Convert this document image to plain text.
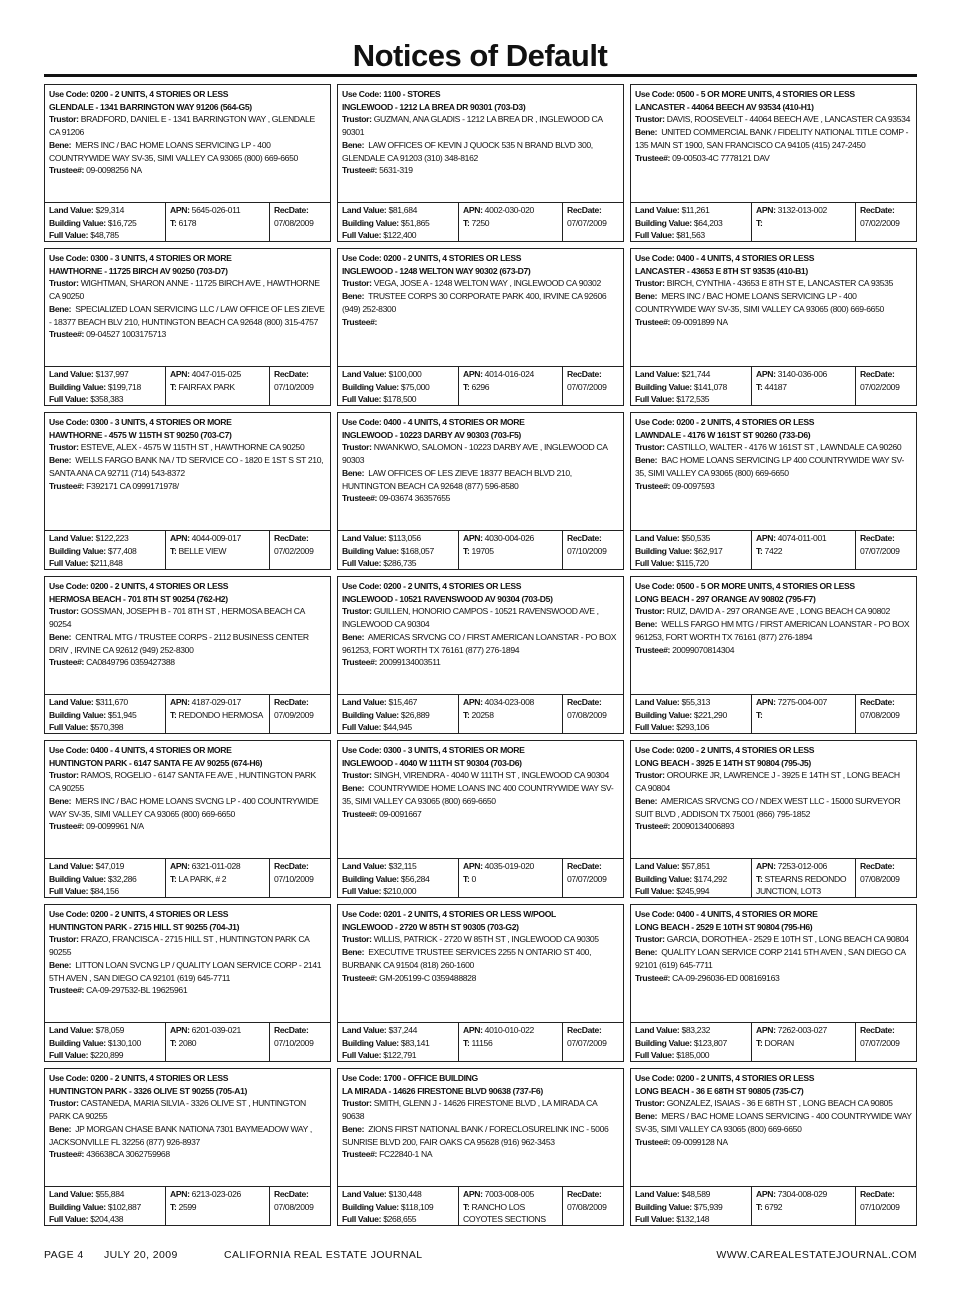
Notices of Default
Use Code: 0200 - 2 UNITS, 4 STORIES OR LESS
GLENDALE - 1341 BARRINGTON WAY 91206 (564-G5)
Trustor: BRADFORD, DANIEL E - 1341 BARRINGTON WAY , GLENDALE CA 91206
Bene: MERS INC / BAC HOME LOANS SERVICING LP - 400 COUNTRYWIDE WAY SV-35, SIMI VALLEY CA 93065 (800) 669-6650
Trustee#: 09-0098256 NA
Land Value: $29,314
Building Value: $16,725
Full Value: $48,785
APN: 5645-026-011
T: 6178
RecDate:
07/08/2009
Use Code: 1100 - STORES
INGLEWOOD - 1212 LA BREA DR 90301 (703-D3)
Trustor: GUZMAN, ANA GLADIS - 1212 LA BREA DR , INGLEWOOD CA 90301
Bene: LAW OFFICES OF KEVIN J QUOCK 535 N BRAND BLVD 300, GLENDALE CA 91203 (310) 348-8162
Trustee#: 5631-319
Land Value: $81,684
Building Value: $51,865
Full Value: $122,400
APN: 4002-030-020
T: 7250
RecDate:
07/07/2009
Use Code: 0500 - 5 OR MORE UNITS, 4 STORIES OR LESS
LANCASTER - 44064 BEECH AV 93534 (410-H1)
Trustor: DAVIS, ROOSEVELT - 44064 BEECH AVE , LANCASTER CA 93534
Bene: UNITED COMMERCIAL BANK / FIDELITY NATIONAL TITLE COMP - 135 MAIN ST 1900, SAN FRANCISCO CA 94105 (415) 247-2450
Trustee#: 09-00503-4C 7778121 DAV
Land Value: $11,261
Building Value: $64,203
Full Value: $81,563
APN: 3132-013-002
T:
RecDate:
07/02/2009
Use Code: 0300 - 3 UNITS, 4 STORIES OR MORE
HAWTHORNE - 11725 BIRCH AV 90250 (703-D7)
Trustor: WIGHTMAN, SHARON ANNE - 11725 BIRCH AVE , HAWTHORNE CA 90250
Bene: SPECIALIZED LOAN SERVICING LLC / LAW OFFICE OF LES ZIEVE - 18377 BEACH BLV 210, HUNTINGTON BEACH CA 92648 (800) 315-4757
Trustee#: 09-04527 1003175713
Land Value: $137,997
Building Value: $199,718
Full Value: $358,383
APN: 4047-015-025
T: FAIRFAX PARK
RecDate:
07/10/2009
Use Code: 0200 - 2 UNITS, 4 STORIES OR LESS
INGLEWOOD - 1248 WELTON WAY 90302 (673-D7)
Trustor: VEGA, JOSE A - 1248 WELTON WAY , INGLEWOOD CA 90302
Bene: TRUSTEE CORPS 30 CORPORATE PARK 400, IRVINE CA 92606 (949) 252-8300
Trustee#:
Land Value: $100,000
Building Value: $75,000
Full Value: $178,500
APN: 4014-016-024
T: 6296
RecDate:
07/07/2009
Use Code: 0400 - 4 UNITS, 4 STORIES OR LESS
LANCASTER - 43653 E 8TH ST 93535 (410-B1)
Trustor: BIRCH, CYNTHIA - 43653 E 8TH ST E, LANCASTER CA 93535
Bene: MERS INC / BAC HOME LOANS SERVICING LP - 400 COUNTRYWIDE WAY SV-35, SIMI VALLEY CA 93065 (800) 669-6650
Trustee#: 09-0091899 NA
Land Value: $21,744
Building Value: $141,078
Full Value: $172,535
APN: 3140-036-006
T: 44187
RecDate:
07/02/2009
Use Code: 0300 - 3 UNITS, 4 STORIES OR MORE
HAWTHORNE - 4575 W 115TH ST 90250 (703-C7)
Trustor: ESTEVE, ALEX - 4575 W 115TH ST , HAWTHORNE CA 90250
Bene: WELLS FARGO BANK NA / TD SERVICE CO - 1820 E 1ST S ST 210, SANTA ANA CA 92711 (714) 543-8372
Trustee#: F392171 CA 0999171978/
Land Value: $122,223
Building Value: $77,408
Full Value: $211,848
APN: 4044-009-017
T: BELLE VIEW
RecDate:
07/02/2009
Use Code: 0400 - 4 UNITS, 4 STORIES OR MORE
INGLEWOOD - 10223 DARBY AV 90303 (703-F5)
Trustor: NWANKWO, SALOMON - 10223 DARBY AVE , INGLEWOOD CA 90303
Bene: LAW OFFICES OF LES ZIEVE 18377 BEACH BLVD 210, HUNTINGTON BEACH CA 92648 (877) 596-8580
Trustee#: 09-03674 36357655
Land Value: $113,056
Building Value: $168,057
Full Value: $286,735
APN: 4030-004-026
T: 19705
RecDate:
07/10/2009
Use Code: 0200 - 2 UNITS, 4 STORIES OR LESS
LAWNDALE - 4176 W 161ST ST 90260 (733-D6)
Trustor: CASTILLO, WALTER - 4176 W 161ST ST , LAWNDALE CA 90260
Bene: BAC HOME LOANS SERVICING LP 400 COUNTRYWIDE WAY SV-35, SIMI VALLEY CA 93065 (800) 669-6650
Trustee#: 09-0097593
Land Value: $50,535
Building Value: $62,917
Full Value: $115,720
APN: 4074-011-001
T: 7422
RecDate:
07/07/2009
Use Code: 0200 - 2 UNITS, 4 STORIES OR LESS
HERMOSA BEACH - 701 8TH ST 90254 (762-H2)
Trustor: GOSSMAN, JOSEPH B - 701 8TH ST , HERMOSA BEACH CA 90254
Bene: CENTRAL MTG / TRUSTEE CORPS - 2112 BUSINESS CENTER DRIV , IRVINE CA 92612 (949) 252-8300
Trustee#: CA0849796 0359427388
Land Value: $311,670
Building Value: $51,945
Full Value: $570,398
APN: 4187-029-017
T: REDONDO HERMOSA
RecDate:
07/09/2009
Use Code: 0200 - 2 UNITS, 4 STORIES OR LESS
INGLEWOOD - 10521 RAVENSWOOD AV 90304 (703-D5)
Trustor: GUILLEN, HONORIO CAMPOS - 10521 RAVENSWOOD AVE , INGLEWOOD CA 90304
Bene: AMERICAS SRVCNG CO / FIRST AMERICAN LOANSTAR - PO BOX 961253, FORT WORTH TX 76161 (877) 276-1894
Trustee#: 20099134003511
Land Value: $15,467
Building Value: $26,889
Full Value: $44,945
APN: 4034-023-008
T: 20258
RecDate:
07/08/2009
Use Code: 0500 - 5 OR MORE UNITS, 4 STORIES OR LESS
LONG BEACH - 297 ORANGE AV 90802 (795-F7)
Trustor: RUIZ, DAVID A - 297 ORANGE AVE , LONG BEACH CA 90802
Bene: WELLS FARGO HM MTG / FIRST AMERICAN LOANSTAR - PO BOX 961253, FORT WORTH TX 76161 (877) 276-1894
Trustee#: 20099070814304
Land Value: $55,313
Building Value: $221,290
Full Value: $293,106
APN: 7275-004-007
T:
RecDate:
07/08/2009
Use Code: 0400 - 4 UNITS, 4 STORIES OR MORE
HUNTINGTON PARK - 6147 SANTA FE AV 90255 (674-H6)
Trustor: RAMOS, ROGELIO - 6147 SANTA FE AVE , HUNTINGTON PARK CA 90255
Bene: MERS INC / BAC HOME LOANS SVCNG LP - 400 COUNTRYWIDE WAY SV-35, SIMI VALLEY CA 93065 (800) 669-6650
Trustee#: 09-0099961 N/A
Land Value: $47,019
Building Value: $32,286
Full Value: $84,156
APN: 6321-011-028
T: LA PARK, # 2
RecDate:
07/10/2009
Use Code: 0300 - 3 UNITS, 4 STORIES OR MORE
INGLEWOOD - 4040 W 111TH ST 90304 (703-D6)
Trustor: SINGH, VIRENDRA - 4040 W 111TH ST , INGLEWOOD CA 90304
Bene: COUNTRYWIDE HOME LOANS INC 400 COUNTRYWIDE WAY SV-35, SIMI VALLEY CA 93065 (800) 669-6650
Trustee#: 09-0091667
Land Value: $32,115
Building Value: $56,284
Full Value: $210,000
APN: 4035-019-020
T: 0
RecDate:
07/07/2009
Use Code: 0200 - 2 UNITS, 4 STORIES OR LESS
LONG BEACH - 3925 E 14TH ST 90804 (795-J5)
Trustor: OROURKE JR, LAWRENCE J - 3925 E 14TH ST , LONG BEACH CA 90804
Bene: AMERICAS SRVCNG CO / NDEX WEST LLC - 15000 SURVEYOR SUIT BLVD , ADDISON TX 75001 (866) 795-1852
Trustee#: 20090134006893
Land Value: $57,851
Building Value: $174,292
Full Value: $245,994
APN: 7253-012-006
T: STEARNS REDONDO JUNCTION, LOT3
RecDate:
07/08/2009
Use Code: 0200 - 2 UNITS, 4 STORIES OR LESS
HUNTINGTON PARK - 2715 HILL ST 90255 (704-J1)
Trustor: FRAZO, FRANCISCA - 2715 HILL ST , HUNTINGTON PARK CA 90255
Bene: LITTON LOAN SVCNG LP / QUALITY LOAN SERVICE CORP - 2141 5TH AVEN , SAN DIEGO CA 92101 (619) 645-7711
Trustee#: CA-09-297532-BL 19625961
Land Value: $78,059
Building Value: $130,100
Full Value: $220,899
APN: 6201-039-021
T: 2080
RecDate:
07/10/2009
Use Code: 0201 - 2 UNITS, 4 STORIES OR LESS W/POOL
INGLEWOOD - 2720 W 85TH ST 90305 (703-G2)
Trustor: WILLIS, PATRICK - 2720 W 85TH ST , INGLEWOOD CA 90305
Bene: EXECUTIVE TRUSTEE SERVICES 2255 N ONTARIO ST 400, BURBANK CA 91504 (818) 260-1600
Trustee#: GM-205199-C 0359488828
Land Value: $37,244
Building Value: $83,141
Full Value: $122,791
APN: 4010-010-022
T: 11156
RecDate:
07/07/2009
Use Code: 0400 - 4 UNITS, 4 STORIES OR MORE
LONG BEACH - 2529 E 10TH ST 90804 (795-H6)
Trustor: GARCIA, DOROTHEA - 2529 E 10TH ST , LONG BEACH CA 90804
Bene: QUALITY LOAN SERVICE CORP 2141 5TH AVEN , SAN DIEGO CA 92101 (619) 645-7711
Trustee#: CA-09-296036-ED 008169163
Land Value: $83,232
Building Value: $123,807
Full Value: $185,000
APN: 7262-003-027
T: DORAN
RecDate:
07/07/2009
Use Code: 0200 - 2 UNITS, 4 STORIES OR LESS
HUNTINGTON PARK - 3326 OLIVE ST 90255 (705-A1)
Trustor: CASTANEDA, MARIA SILVIA - 3326 OLIVE ST , HUNTINGTON PARK CA 90255
Bene: JP MORGAN CHASE BANK NATIONA 7301 BAYMEADOW WAY , JACKSONVILLE FL 32256 (877) 926-8937
Trustee#: 436638CA 3062759968
Land Value: $55,884
Building Value: $102,887
Full Value: $204,438
APN: 6213-023-026
T: 2599
RecDate:
07/08/2009
Use Code: 1700 - OFFICE BUILDING
LA MIRADA - 14626 FIRESTONE BLVD 90638 (737-F6)
Trustor: SMITH, GLENN J - 14626 FIRESTONE BLVD , LA MIRADA CA 90638
Bene: ZIONS FIRST NATIONAL BANK / FORECLOSURELINK INC - 5006 SUNRISE BLVD 200, FAIR OAKS CA 95628 (916) 962-3453
Trustee#: FC22840-1 NA
Land Value: $130,448
Building Value: $118,109
Full Value: $268,655
APN: 7003-008-005
T: RANCHO LOS COYOTES SECTIONS
RecDate:
07/08/2009
Use Code: 0200 - 2 UNITS, 4 STORIES OR LESS
LONG BEACH - 36 E 68TH ST 90805 (735-C7)
Trustor: GONZALEZ, ISAIAS - 36 E 68TH ST , LONG BEACH CA 90805
Bene: MERS / BAC HOME LOANS SERVICING - 400 COUNTRYWIDE WAY SV-35, SIMI VALLEY CA 93065 (800) 669-6650
Trustee#: 09-0099128 NA
Land Value: $48,589
Building Value: $75,939
Full Value: $132,148
APN: 7304-008-029
T: 6792
RecDate:
07/10/2009
PAGE 4	JULY 20, 2009	CALIFORNIA REAL ESTATE JOURNAL	WWW.CAREALESTATEJOURNAL.COM
